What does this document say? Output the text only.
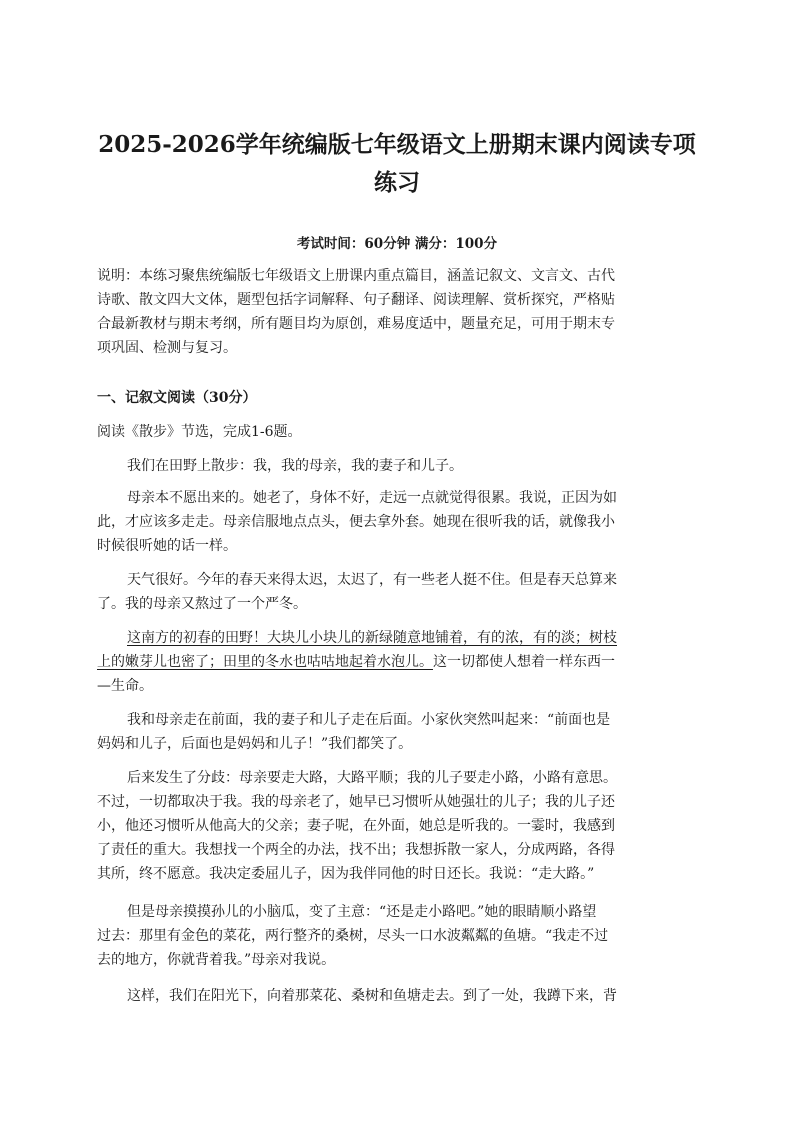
2025-2026学年统编版七年级语文上册期末课内阅读专项
练习
考试时间：60分钟 满分：100分
说明：本练习聚焦统编版七年级语文上册课内重点篇目，涵盖记叙文、文言文、古代
诗歌、散文四大文体，题型包括字词解释、句子翻译、阅读理解、赏析探究，严格贴
合最新教材与期末考纲，所有题目均为原创，难易度适中，题量充足，可用于期末专
项巩固、检测与复习。
一、记叙文阅读（30分）
阅读《散步》节选，完成1-6题。
我们在田野上散步：我，我的母亲，我的妻子和儿子。
母亲本不愿出来的。她老了，身体不好，走远一点就觉得很累。我说，正因为如
此，才应该多走走。母亲信服地点点头，便去拿外套。她现在很听我的话，就像我小
时候很听她的话一样。
天气很好。今年的春天来得太迟，太迟了，有一些老人挺不住。但是春天总算来
了。我的母亲又熬过了一个严冬。
这南方的初春的田野！大块儿小块儿的新绿随意地铺着，有的浓，有的淡；树枝
上的嫩芽儿也密了；田里的冬水也咕咕地起着水泡儿。这一切都使人想着一样东西一
—生命。
我和母亲走在前面，我的妻子和儿子走在后面。小家伙突然叫起来：“前面也是
妈妈和儿子，后面也是妈妈和儿子！”我们都笑了。
后来发生了分歧：母亲要走大路，大路平顺；我的儿子要走小路，小路有意思。
不过，一切都取决于我。我的母亲老了，她早已习惯听从她强壮的儿子；我的儿子还
小，他还习惯听从他高大的父亲；妻子呢，在外面，她总是听我的。一霎时，我感到
了责任的重大。我想找一个两全的办法，找不出；我想拆散一家人，分成两路，各得
其所，终不愿意。我决定委屈儿子，因为我伴同他的时日还长。我说：“走大路。”
但是母亲摸摸孙儿的小脑瓜，变了主意：“还是走小路吧。”她的眼睛顺小路望
过去：那里有金色的菜花，两行整齐的桑树，尽头一口水波粼粼的鱼塘。“我走不过
去的地方，你就背着我。”母亲对我说。
这样，我们在阳光下，向着那菜花、桑树和鱼塘走去。到了一处，我蹲下来，背
